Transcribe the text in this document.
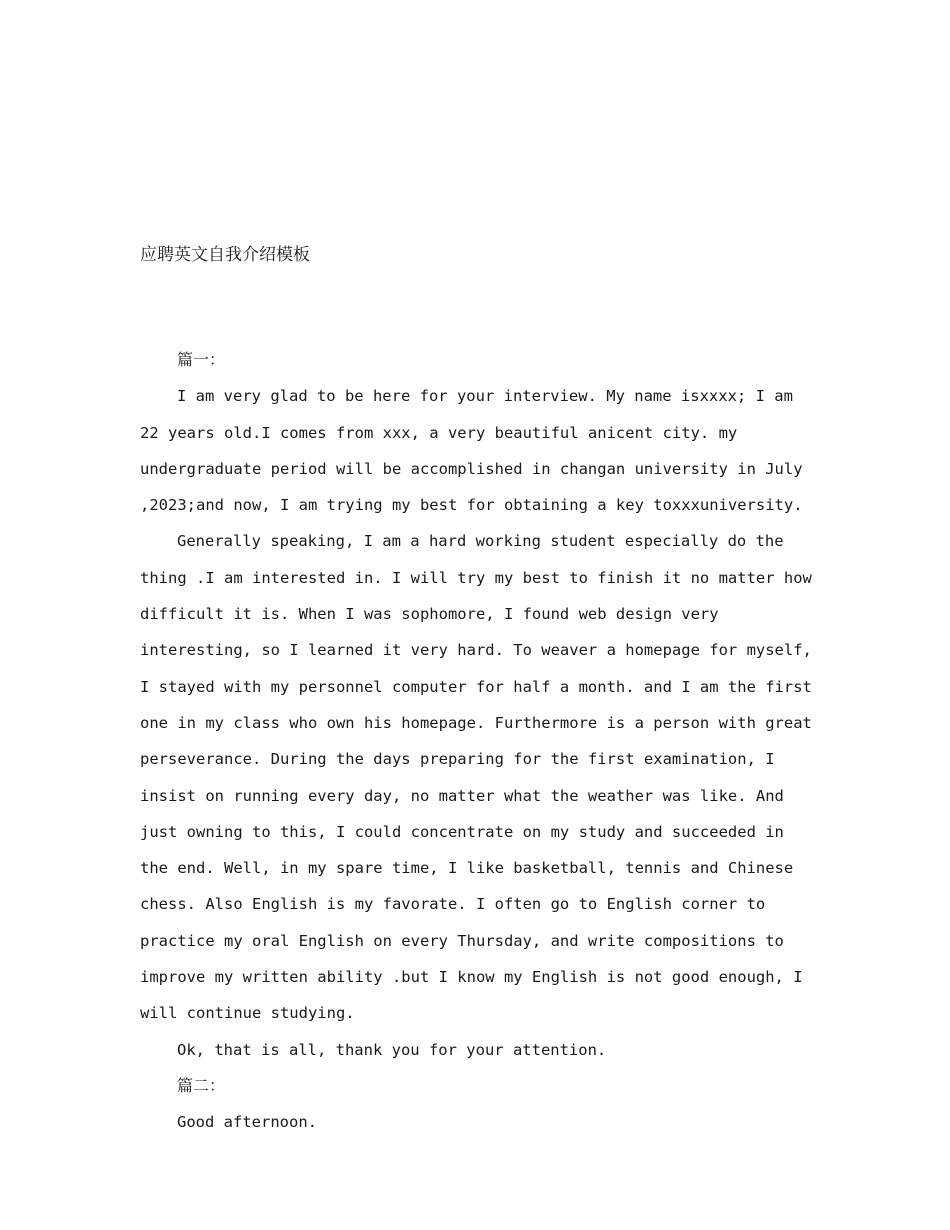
应聘英文自我介绍模板
篇一：
I am very glad to be here for your interview. My name isxxxx; I am
22 years old.I comes from xxx, a very beautiful anicent city. my
undergraduate period will be accomplished in changan university in July
,2023;and now, I am trying my best for obtaining a key toxxxuniversity.
Generally speaking, I am a hard working student especially do the
thing .I am interested in. I will try my best to finish it no matter how
difficult it is. When I was sophomore, I found web design very
interesting, so I learned it very hard. To weaver a homepage for myself,
I stayed with my personnel computer for half a month. and I am the first
one in my class who own his homepage. Furthermore is a person with great
perseverance. During the days preparing for the first examination, I
insist on running every day, no matter what the weather was like. And
just owning to this, I could concentrate on my study and succeeded in
the end. Well, in my spare time, I like basketball, tennis and Chinese
chess. Also English is my favorate. I often go to English corner to
practice my oral English on every Thursday, and write compositions to
improve my written ability .but I know my English is not good enough, I
will continue studying.
Ok, that is all, thank you for your attention.
篇二：
Good afternoon.
